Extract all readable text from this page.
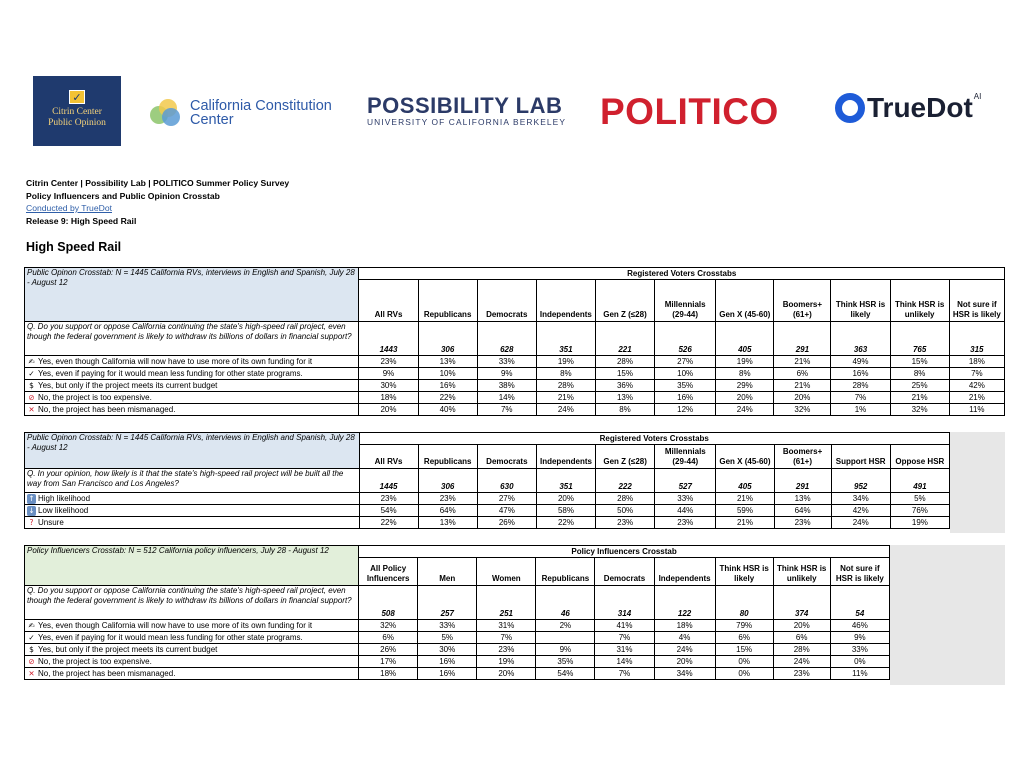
✓
Citrin Center
Public Opinion
California Constitution
Center
POSSIBILITY LAB
UNIVERSITY OF CALIFORNIA BERKELEY POLITICO	TrueDot$^{AI}$
Citrin Center | Possibility Lab | POLITICO Summer Policy Survey
Policy Influencers and Public Opinion Crosstab
Conducted by TrueDot
Release 9: High Speed Rail
High Speed Rail
Public Opinon Crosstab: N = 1445 California RVs, interviews in English and Spanish, July 28 - August 12	Registered Voters Crosstabs										
	All RVs	Republicans	Democrats	Independents	Gen Z (≤28)	Millennials (29-44)	Gen X (45-60)	Boomers+ (61+)	Think HSR is likely	Think HSR is unlikely	Not sure if HSR is likely
Q. Do you support or oppose California continuing the state's high-speed rail project, even though the federal government is likely to withdraw its billions of dollars in financial support?	1443	306	628	351	221	526	405	291	363	765	315
✍ Yes, even though California will now have to use more of its own funding for it	23%	13%	33%	19%	28%	27%	19%	21%	49%	15%	18%
✓ Yes, even if paying for it would mean less funding for other state programs.	9%	10%	9%	8%	15%	10%	8%	6%	16%	8%	7%
$ Yes, but only if the project meets its current budget	30%	16%	38%	28%	36%	35%	29%	21%	28%	25%	42%
⊘ No, the project is too expensive.	18%	22%	14%	21%	13%	16%	20%	20%	7%	21%	21%
✕ No, the project has been mismanaged.	20%	40%	7%	24%	8%	12%	24%	32%	1%	32%	11%
Public Opinon Crosstab: N = 1445 California RVs, interviews in English and Spanish, July 28 - August 12	Registered Voters Crosstabs									
	All RVs	Republicans	Democrats	Independents	Gen Z (≤28)	Millennials (29-44)	Gen X (45-60)	Boomers+ (61+)	Support HSR	Oppose HSR
Q. In your opinion, how likely is it that the state's high-speed rail project will be built all the way from San Francisco and Los Angeles?	1445	306	630	351	222	527	405	291	952	491
↑ High likelihood	23%	23%	27%	20%	28%	33%	21%	13%	34%	5%
↓ Low likelihood	54%	64%	47%	58%	50%	44%	59%	64%	42%	76%
? Unsure	22%	13%	26%	22%	23%	23%	21%	23%	24%	19%
Policy Influencers Crosstab: N = 512 California policy influencers, July 28 - August 12	Policy Influencers Crosstab								
	All Policy Influencers	Men	Women	Republicans	Democrats	Independents	Think HSR is likely	Think HSR is unlikely	Not sure if HSR is likely
Q. Do you support or oppose California continuing the state's high-speed rail project, even though the federal government is likely to withdraw its billions of dollars in financial support?	508	257	251	46	314	122	80	374	54
✍ Yes, even though California will now have to use more of its own funding for it	32%	33%	31%	2%	41%	18%	79%	20%	46%
✓ Yes, even if paying for it would mean less funding for other state programs.	6%	5%	7%		7%	4%	6%	6%	9%
$ Yes, but only if the project meets its current budget	26%	30%	23%	9%	31%	24%	15%	28%	33%
⊘ No, the project is too expensive.	17%	16%	19%	35%	14%	20%	0%	24%	0%
✕ No, the project has been mismanaged.	18%	16%	20%	54%	7%	34%	0%	23%	11%
